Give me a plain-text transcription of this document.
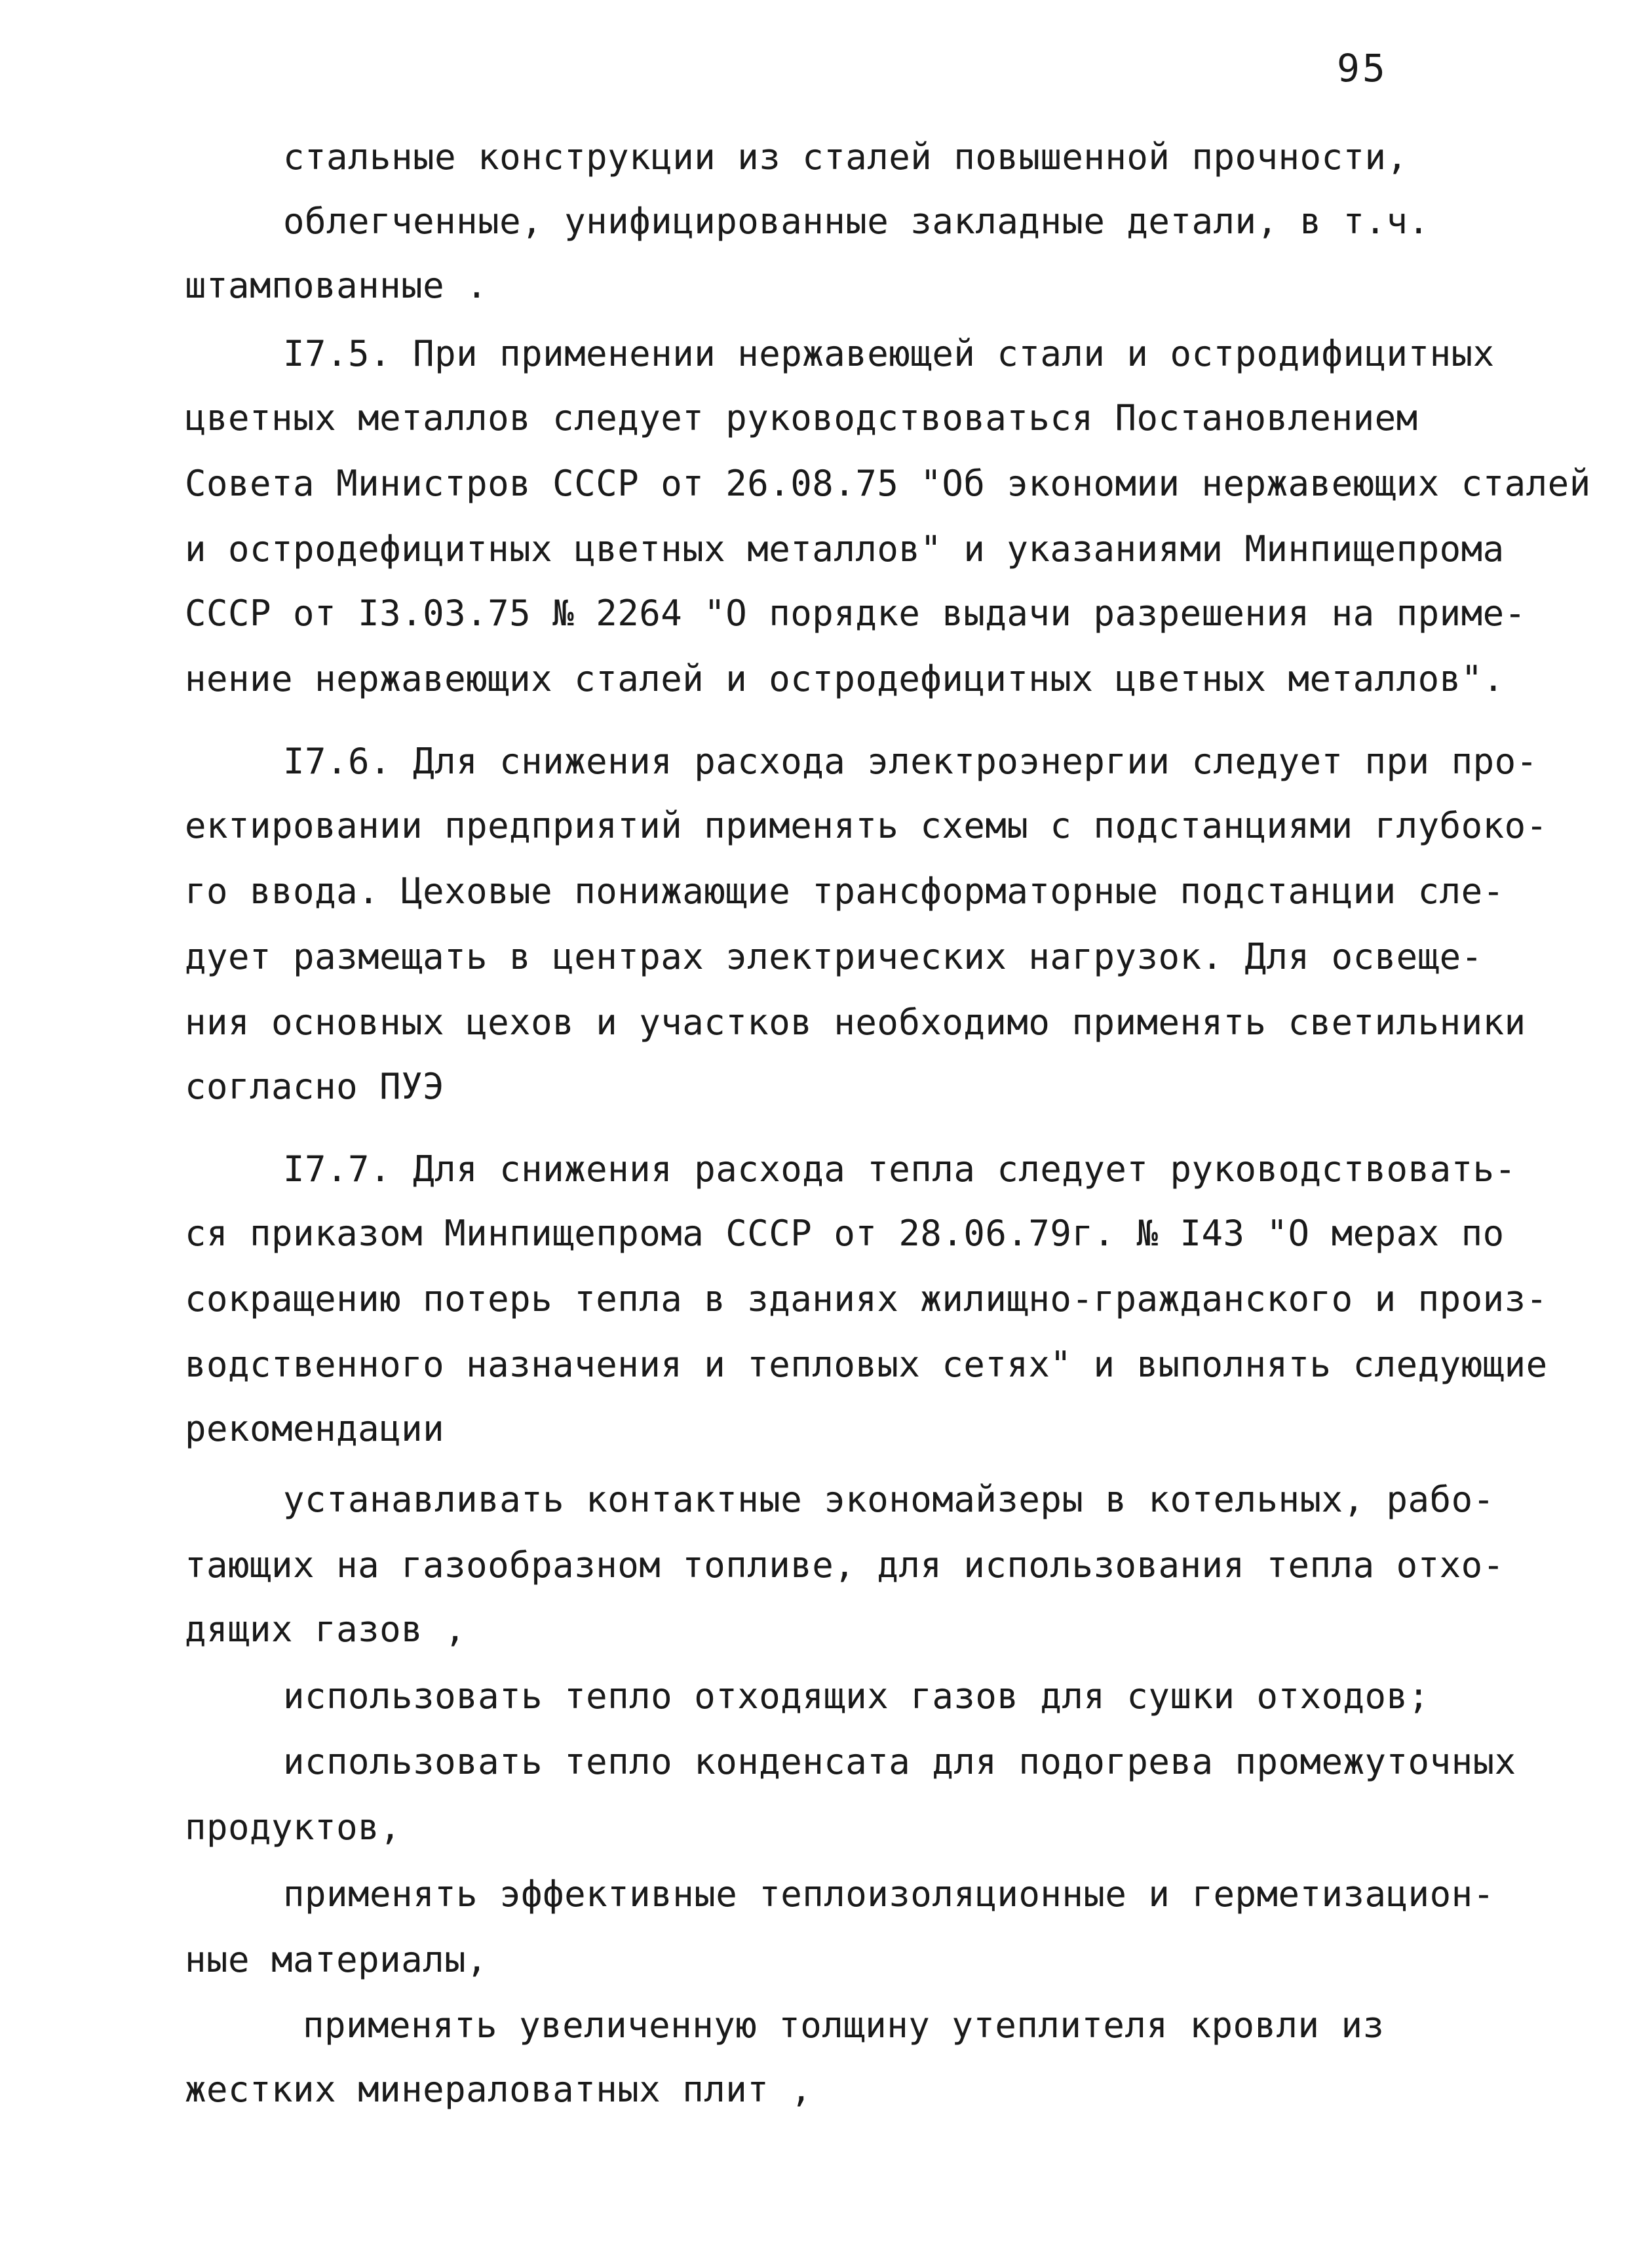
95
стальные конструкции из сталей повышенной прочности,
облегченные, унифицированные закладные детали, в т.ч.
штампованные .
I7.5. При применении нержавеющей стали и остродифицитных
цветных металлов следует руководствоваться Постановлением
Совета Министров СССР от 26.08.75 "Об экономии нержавеющих сталей
и остродефицитных цветных металлов" и указаниями Минпищепрома
СССР от I3.03.75 № 2264 "О порядке выдачи разрешения на приме-
нение нержавеющих сталей и остродефицитных цветных металлов".
I7.6. Для снижения расхода электроэнергии следует при про-
ектировании предприятий применять схемы с подстанциями глубоко-
го ввода. Цеховые понижающие трансформаторные подстанции сле-
дует размещать в центрах электрических нагрузок. Для освеще-
ния основных цехов и участков необходимо применять светильники
согласно ПУЭ
I7.7. Для снижения расхода тепла следует руководствовать-
ся приказом Минпищепрома СССР от 28.06.79г. № I43 "О мерах по
сокращению потерь тепла в зданиях жилищно-гражданского и произ-
водственного назначения и тепловых сетях" и выполнять следующие
рекомендации
устанавливать контактные экономайзеры в котельных, рабо-
тающих на газообразном топливе, для использования тепла отхо-
дящих газов ,
использовать тепло отходящих газов для сушки отходов;
использовать тепло конденсата для подогрева промежуточных
продуктов,
применять эффективные теплоизоляционные и герметизацион-
ные материалы,
применять увеличенную толщину утеплителя кровли из
жестких минераловатных плит ,
